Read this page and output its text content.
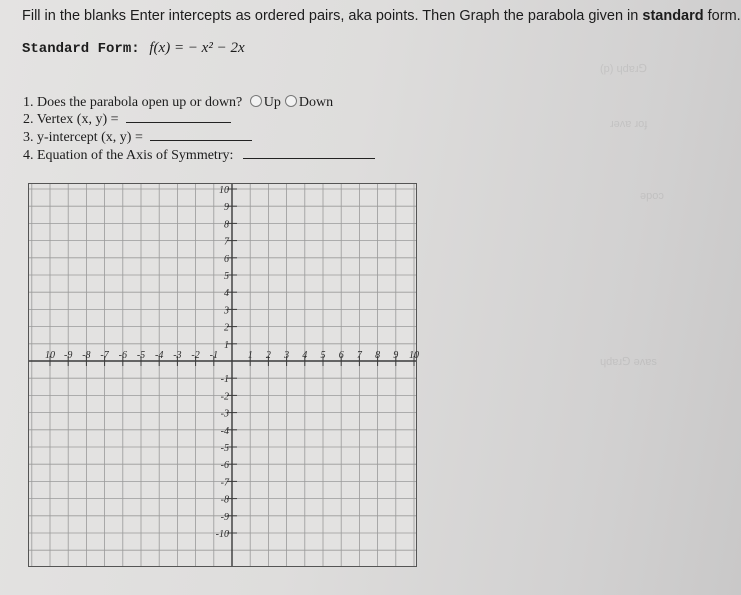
Fill in the blanks Enter intercepts as ordered pairs, aka points. Then Graph the parabola given in standard form.
Standard Form: f(x) = − x² − 2x
1. Does the parabola open up or down? Up Down
2. Vertex (x, y) =
3. y-intercept (x, y) =
4. Equation of the Axis of Symmetry:
(p) ɥdɐɹ⅁
ɹǝʌɐ ɹoɟ
ǝpoɔ
ɥdɐɹ⅁ ǝʌɐs
10 -9 -8 -7 -6 -5 -4 -3 -2 -1	1 2 3 4 5 6 7 8 9 10
10
9
8
7
6
5
4
3
2
1
-1
-2
-3
-4
-5
-6
-7
-8
-9
-10
